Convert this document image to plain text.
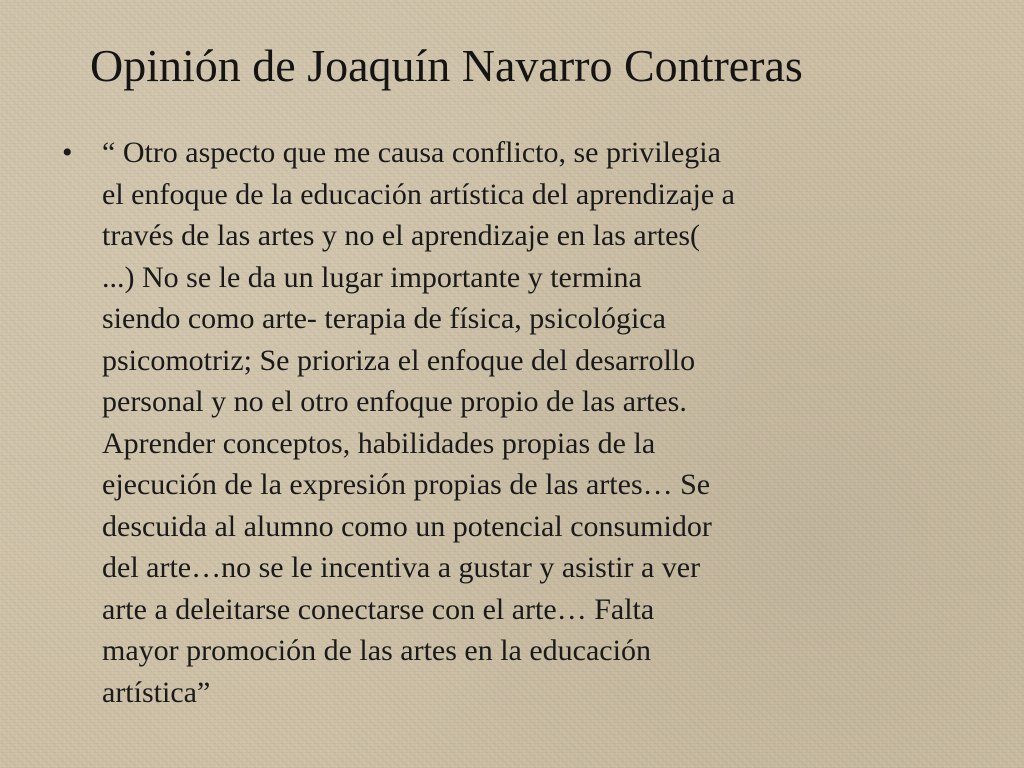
Opinión de Joaquín Navarro Contreras
• “ Otro aspecto que me causa conflicto, se privilegia
el enfoque de la educación artística del aprendizaje a
través de las artes y no el aprendizaje en las artes(
...) No se le da un lugar importante y termina
siendo como arte- terapia de física, psicológica
psicomotriz; Se prioriza el enfoque del desarrollo
personal y no el otro enfoque propio de las artes.
Aprender conceptos, habilidades propias de la
ejecución de la expresión propias de las artes… Se
descuida al alumno como un potencial consumidor
del arte…no se le incentiva a gustar y asistir a ver
arte a deleitarse conectarse con el arte… Falta
mayor promoción de las artes en la educación
artística”
